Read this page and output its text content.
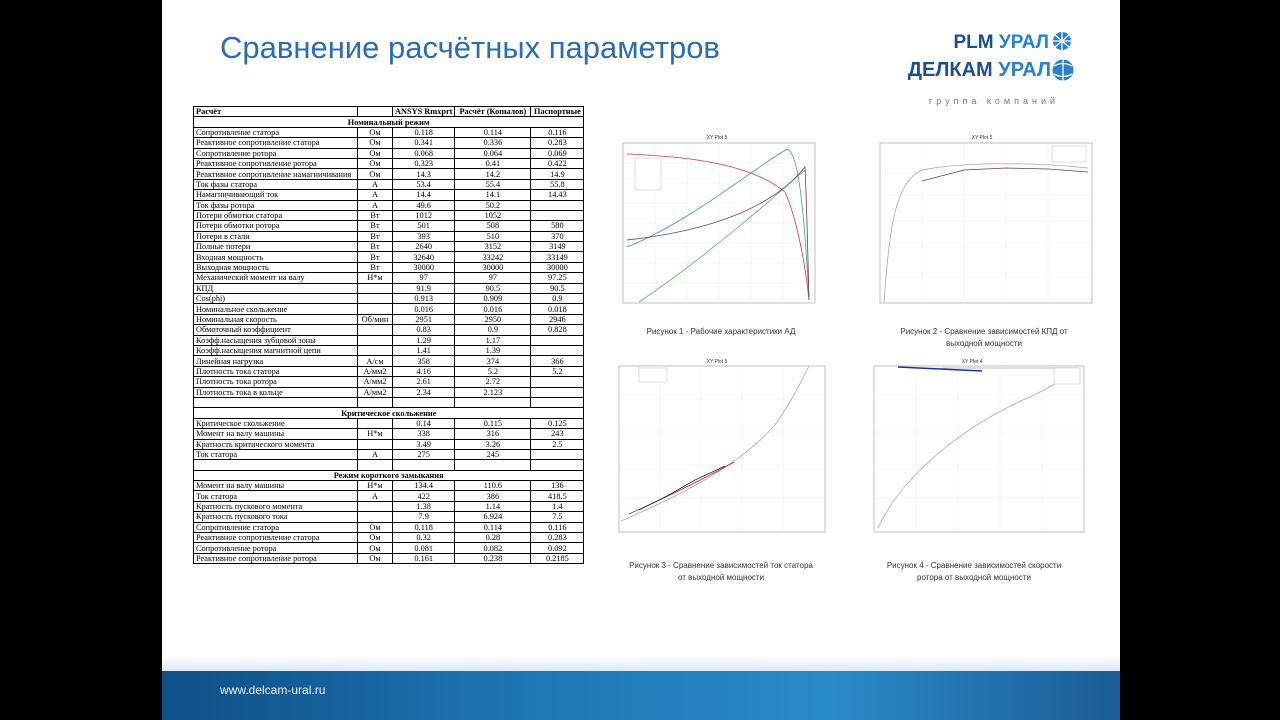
Сравнение расчётных параметров	PLM УРАЛ
ДЕЛКАМ УРАЛ
группа компаний
Расчёт		ANSYS Rmxprt	Расчёт (Копылов)	Паспортные
Номинальный режим				
Сопротивление статора	Ом	0.118	0.114	0.116
Реактивное сопротивление статора	Ом	0.341	0.336	0.283
Сопротивление ротора	Ом	0.068	0.064	0.069
Реактивное сопротивление ротора	Ом	0.323	0.41	0.422
Реактивное сопротивление намагничивания	Ом	14.3	14.2	14.9
Ток фазы статора	А	53.4	55.4	55.8
Намагничивающий ток	А	14.4	14.1	14.43
Ток фазы ротора	А	49.6	50.2	
Потери обмотки статора	Вт	1012	1052	
Потери обмотки ротора	Вт	501	508	580
Потери в стали	Вт	393	510	370
Полные потери	Вт	2640	3152	3149
Входная мощность	Вт	32640	33242	33149
Выходная мощность	Вт	30000	30000	30000
Механический момент на валу	Н*м	97	97	97.25
КПД		91.9	90.5	90.5
Cos(phi)		0.913	0.909	0.9
Номинальное скольжение		0.016	0.016	0.018
Номинальная скорость	Об/мин	2951	2950	2946
Обмоточный коэффициент		0.83	0.9	0.828
Коэфф.насыщения зубцовой зоны		1.29	1.17	
Коэфф.насыщения магнитной цепи		1.41	1.39	
Линейная нагрузка	А/см	358	374	366
Плотность тока статора	А/мм2	4.16	5.2	5.2
Плотность тока ротора	А/мм2	2.61	2.72	
Плотность тока в кольце	А/мм2	2.34	2.123	

Критическое скольжение				
Критическое скольжение		0.14	0.115	0.125
Момент на валу машины	Н*м	338	316	243
Кратность критического момента		3.49	3.26	2.5
Ток статора	А	275	245	

Режим короткого замыкания				
Момент на валу машины	Н*м	134.4	110.6	136
Ток статора	А	422	386	418.5
Кратность пускового момента		1.38	1.14	1.4
Кратность пускового тока		7.9	6.924	7.5
Сопротивление статора	Ом	0.118	0.114	0.116
Реактивное сопротивление статора	Ом	0.32	0.28	0.283
Сопротивление ротора	Ом	0.081	0.082	0.092
Реактивное сопротивление ротора	Ом	0.161	0.238	0.2185
XY Plot 5
Рисунок 1 - Рабочие характеристики АД
XY Plot 5
Рисунок 2 - Сравнение зависимостей КПД от
выходной мощности
XY Plot 5
Рисунок 3 - Сравнение зависимостей ток статора
от выходной мощности
XY Plot 4
Рисунок 4 - Сравнение зависимостей скорости
ротора от выходной мощности
www.delcam-ural.ru
